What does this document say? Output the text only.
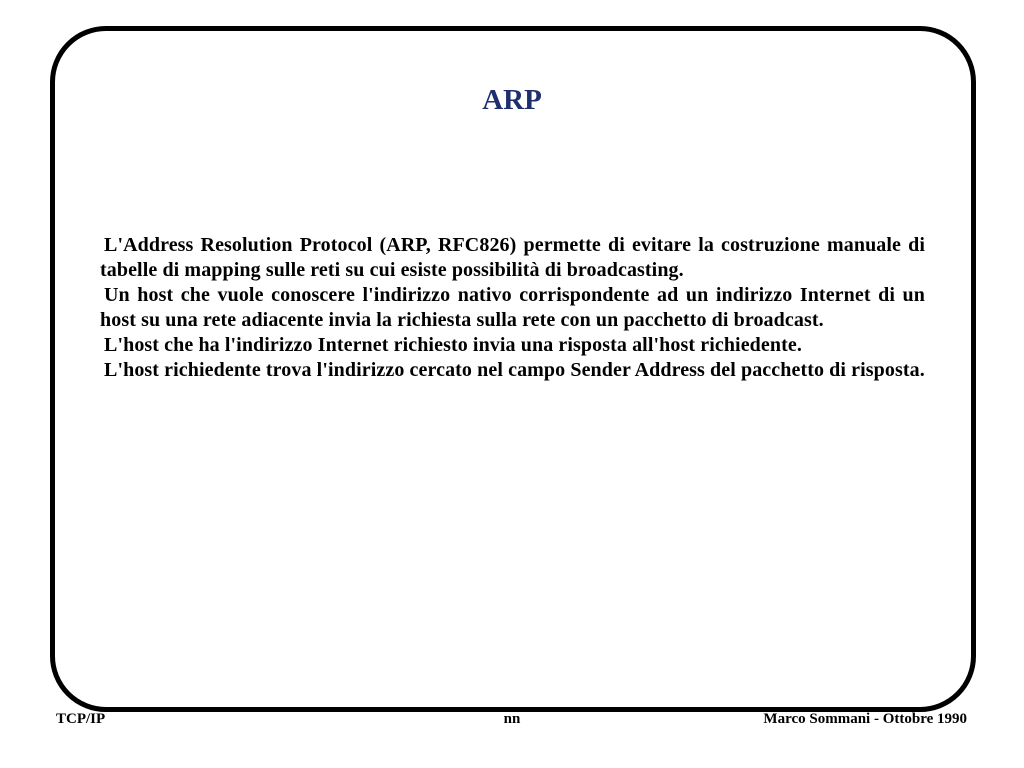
ARP

L'Address Resolution Protocol (ARP, RFC826) permette di evitare la costruzione manuale di tabelle di mapping sulle reti su cui esiste possibilità di broadcasting.

Un host che vuole conoscere l'indirizzo nativo corrispondente ad un indirizzo Internet di un host su una rete adiacente invia la richiesta sulla rete con un pacchetto di broadcast.

L'host che ha l'indirizzo Internet richiesto invia una risposta all'host richiedente.

L'host richiedente trova l'indirizzo cercato nel campo Sender Address del pacchetto di risposta.

TCP/IP	nn	Marco Sommani - Ottobre 1990
